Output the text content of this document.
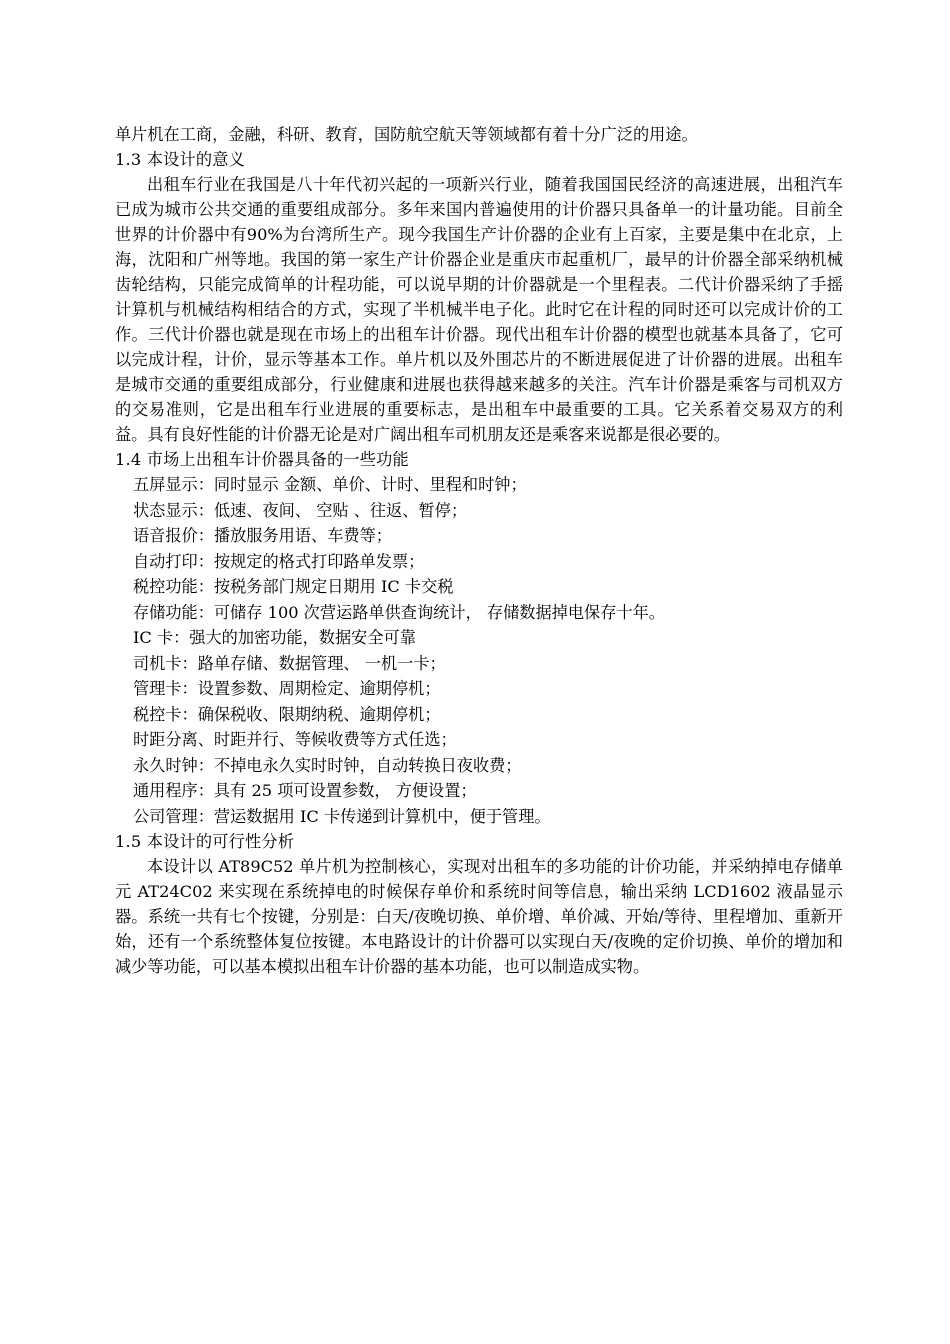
单片机在工商，金融，科研、教育，国防航空航天等领域都有着十分广泛的用途。
1.3 本设计的意义
出租车行业在我国是八十年代初兴起的一项新兴行业，随着我国国民经济的高速进展，出租汽车已成为城市公共交通的重要组成部分。多年来国内普遍使用的计价器只具备单一的计量功能。目前全世界的计价器中有90%为台湾所生产。现今我国生产计价器的企业有上百家，主要是集中在北京，上海，沈阳和广州等地。我国的第一家生产计价器企业是重庆市起重机厂，最早的计价器全部采纳机械齿轮结构，只能完成简单的计程功能，可以说早期的计价器就是一个里程表。二代计价器采纳了手摇计算机与机械结构相结合的方式，实现了半机械半电子化。此时它在计程的同时还可以完成计价的工作。三代计价器也就是现在市场上的出租车计价器。现代出租车计价器的模型也就基本具备了，它可以完成计程，计价，显示等基本工作。单片机以及外围芯片的不断进展促进了计价器的进展。出租车是城市交通的重要组成部分，行业健康和进展也获得越来越多的关注。汽车计价器是乘客与司机双方的交易准则，它是出租车行业进展的重要标志，是出租车中最重要的工具。它关系着交易双方的利益。具有良好性能的计价器无论是对广阔出租车司机朋友还是乘客来说都是很必要的。
1.4 市场上出租车计价器具备的一些功能
五屏显示：同时显示 金额、单价、计时、里程和时钟；
状态显示：低速、夜间、 空贴 、往返、暂停；
语音报价：播放服务用语、车费等；
自动打印：按规定的格式打印路单发票；
税控功能：按税务部门规定日期用 IC 卡交税
存储功能：可储存 100 次营运路单供查询统计， 存储数据掉电保存十年。
IC 卡：强大的加密功能，数据安全可靠
司机卡：路单存储、数据管理、 一机一卡；
管理卡：设置参数、周期检定、逾期停机；
税控卡：确保税收、限期纳税、逾期停机；
时距分离、时距并行、等候收费等方式任选；
永久时钟：不掉电永久实时时钟，自动转换日夜收费；
通用程序：具有 25 项可设置参数， 方便设置；
公司管理：营运数据用 IC 卡传递到计算机中，便于管理。
1.5 本设计的可行性分析
本设计以 AT89C52 单片机为控制核心，实现对出租车的多功能的计价功能，并采纳掉电存储单元 AT24C02 来实现在系统掉电的时候保存单价和系统时间等信息，输出采纳 LCD1602 液晶显示器。系统一共有七个按键，分别是：白天/夜晚切换、单价增、单价减、开始/等待、里程增加、重新开始，还有一个系统整体复位按键。本电路设计的计价器可以实现白天/夜晚的定价切换、单价的增加和减少等功能，可以基本模拟出租车计价器的基本功能，也可以制造成实物。
